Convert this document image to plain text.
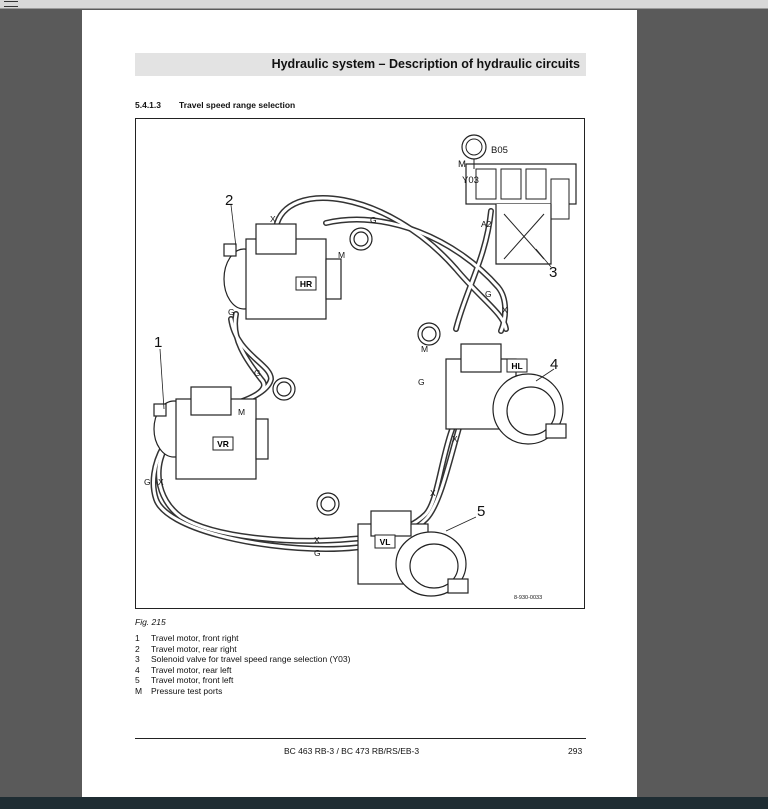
Hydraulic system – Description of hydraulic circuits
5.4.1.3 Travel speed range selection
HR
VR
HL
VL
2
1
3
4
5
B05
Y03
A2
M
X	G
M
G
G
M
G X
G
X
M
G
X
X
X
G
8-930-0033
Fig. 215
1 Travel motor, front right
2 Travel motor, rear right
3 Solenoid valve for travel speed range selection (Y03)
4 Travel motor, rear left
5 Travel motor, front left
M Pressure test ports
BC 463 RB-3 / BC 473 RB/RS/EB-3	293
